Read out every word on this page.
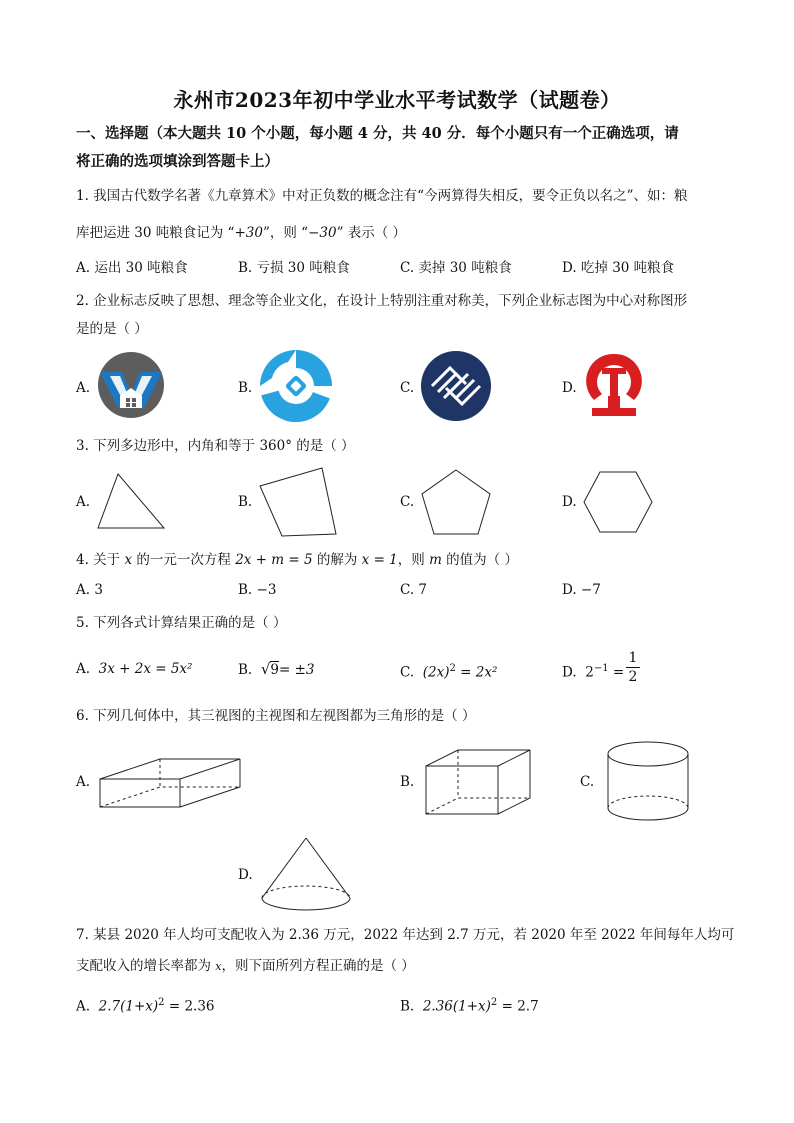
永州市2023年初中学业水平考试数学（试题卷）
一、选择题（本大题共 10 个小题，每小题 4 分，共 40 分．每个小题只有一个正确选项，请
将正确的选项填涂到答题卡上）
1. 我国古代数学名著《九章算术》中对正负数的概念注有“今两算得失相反，要令正负以名之”、如：粮
库把运进 30 吨粮食记为 “+30”，则 “−30” 表示（ ）
A. 运出 30 吨粮食	B. 亏损 30 吨粮食	C. 卖掉 30 吨粮食	D. 吃掉 30 吨粮食
2. 企业标志反映了思想、理念等企业文化，在设计上特别注重对称美，下列企业标志图为中心对称图形
是的是（ ）
A.	B.	C.	D.
3. 下列多边形中，内角和等于 360° 的是（ ）
A.	B.	C.	D.
4. 关于 x 的一元一次方程 2x + m = 5 的解为 x = 1，则 m 的值为（ ）
A. 3	B. −3	C. 7	D. −7
5. 下列各式计算结果正确的是（ ）
A. 3x + 2x = 5x²	B. √9= ±3	C. $(2x)^2 = 2x^2$	D. $2^{-1}$ =
1
2
6. 下列几何体中，其三视图的主视图和左视图都为三角形的是（ ）
A.	B.	C.
D.
7. 某县 2020 年人均可支配收入为 2.36 万元，2022 年达到 2.7 万元，若 2020 年至 2022 年间每年人均可
支配收入的增长率都为 x，则下面所列方程正确的是（ ）
A. $2.7(1+x)^2 = 2.36$	B. $2.36(1+x)^2 = 2.7$
